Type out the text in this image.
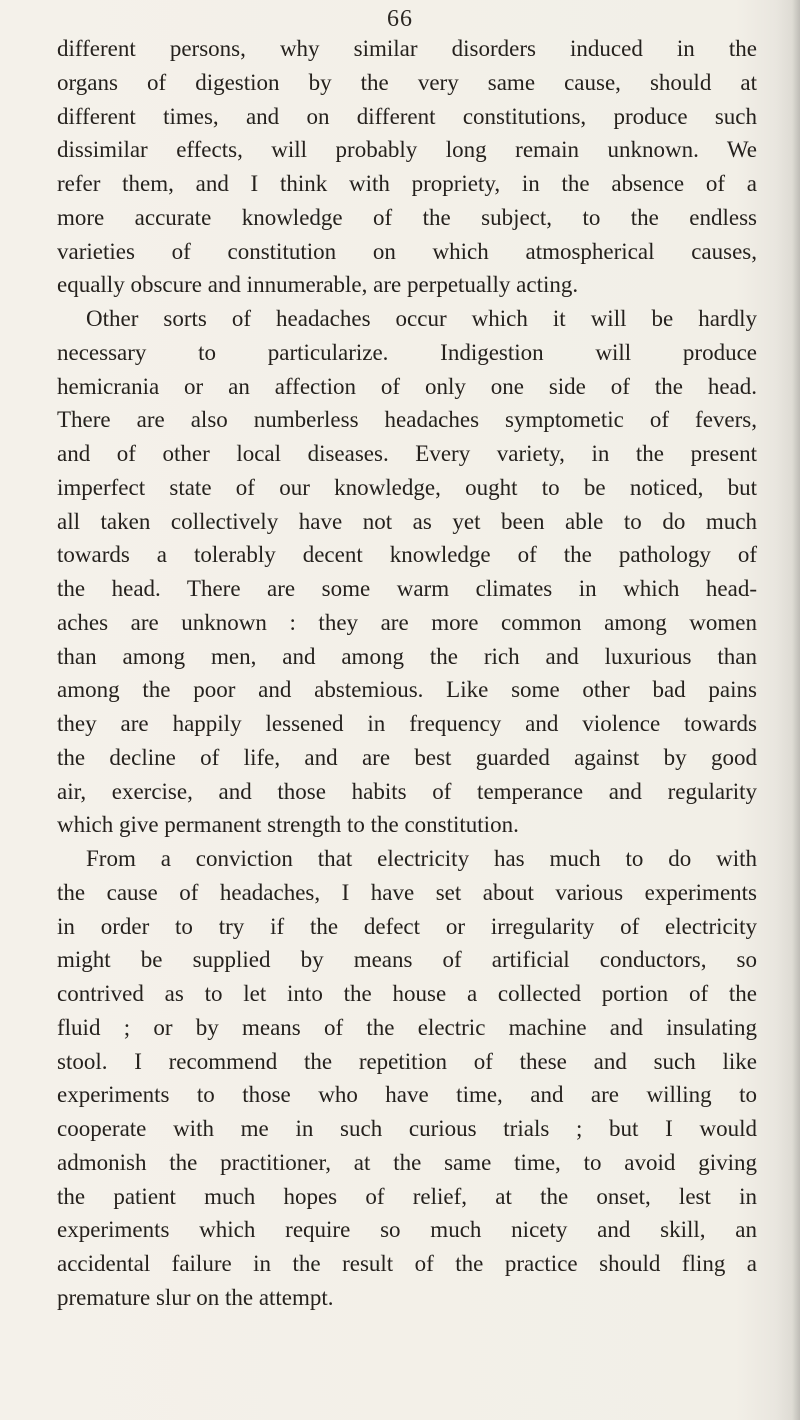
66

different persons, why similar disorders induced in the
organs of digestion by the very same cause, should at
different times, and on different constitutions, produce such
dissimilar effects, will probably long remain unknown. We
refer them, and I think with propriety, in the absence of a
more accurate knowledge of the subject, to the endless
varieties of constitution on which atmospherical causes,
equally obscure and innumerable, are perpetually acting.

Other sorts of headaches occur which it will be hardly
necessary to particularize. Indigestion will produce
hemicrania or an affection of only one side of the head.
There are also numberless headaches symptometic of fevers,
and of other local diseases. Every variety, in the present
imperfect state of our knowledge, ought to be noticed, but
all taken collectively have not as yet been able to do much
towards a tolerably decent knowledge of the pathology of
the head. There are some warm climates in which head-
aches are unknown : they are more common among women
than among men, and among the rich and luxurious than
among the poor and abstemious. Like some other bad pains
they are happily lessened in frequency and violence towards
the decline of life, and are best guarded against by good
air, exercise, and those habits of temperance and regularity
which give permanent strength to the constitution.

From a conviction that electricity has much to do with
the cause of headaches, I have set about various experiments
in order to try if the defect or irregularity of electricity
might be supplied by means of artificial conductors, so
contrived as to let into the house a collected portion of the
fluid ; or by means of the electric machine and insulating
stool. I recommend the repetition of these and such like
experiments to those who have time, and are willing to
cooperate with me in such curious trials ; but I would
admonish the practitioner, at the same time, to avoid giving
the patient much hopes of relief, at the onset, lest in
experiments which require so much nicety and skill, an
accidental failure in the result of the practice should fling a
premature slur on the attempt.
